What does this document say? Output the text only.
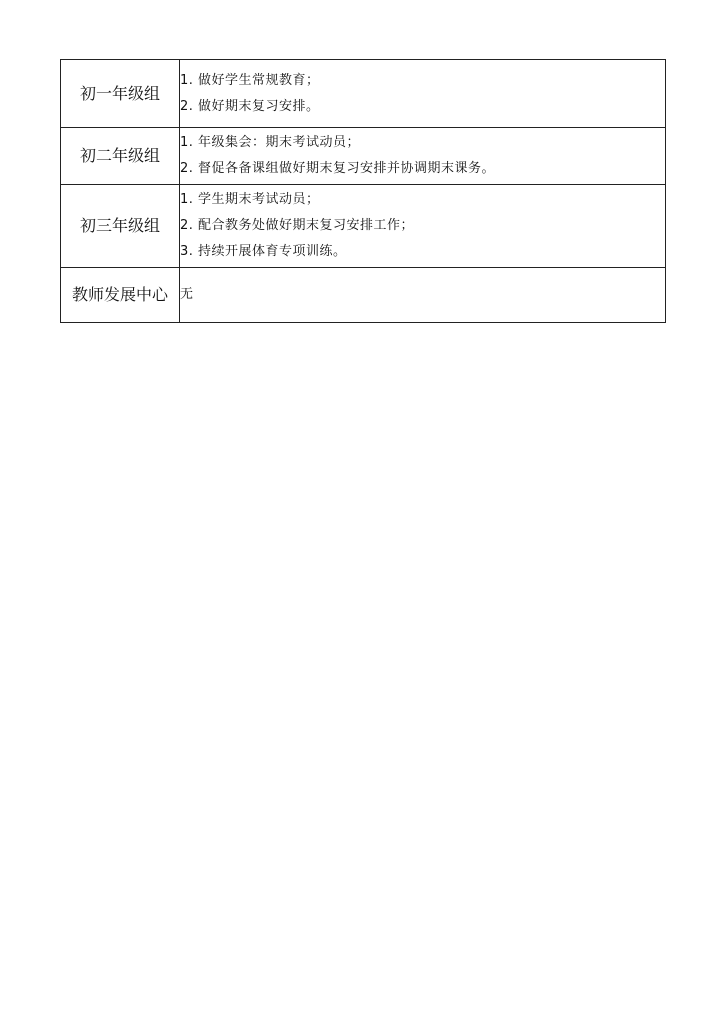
初一年级组	1. 做好学生常规教育；
2. 做好期末复习安排。

初二年级组	1. 年级集会：期末考试动员；
2. 督促各备课组做好期末复习安排并协调期末课务。

初三年级组	1. 学生期末考试动员；
2. 配合教务处做好期末复习安排工作；
3. 持续开展体育专项训练。

教师发展中心	无
